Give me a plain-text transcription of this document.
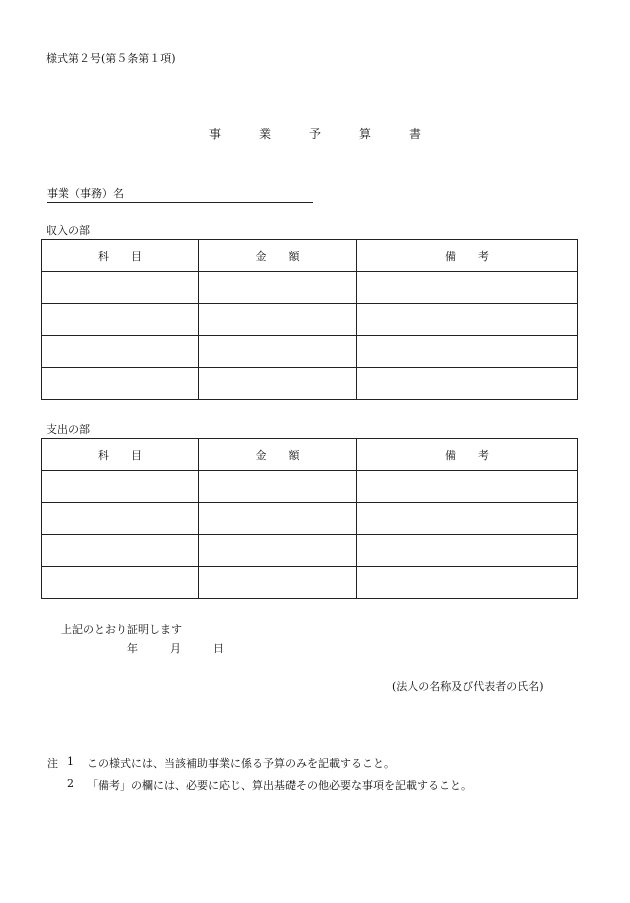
様式第２号(第５条第１項)
事	業	予	算	書
事業（事務）名
収入の部
科　　目	金　　額	備　　考

支出の部
科　　目	金　　額	備　　考

上記のとおり証明します
年	月	日
(法人の名称及び代表者の氏名)
注 1	この様式には、当該補助事業に係る予算のみを記載すること。
2	「備考」の欄には、必要に応じ、算出基礎その他必要な事項を記載すること。
